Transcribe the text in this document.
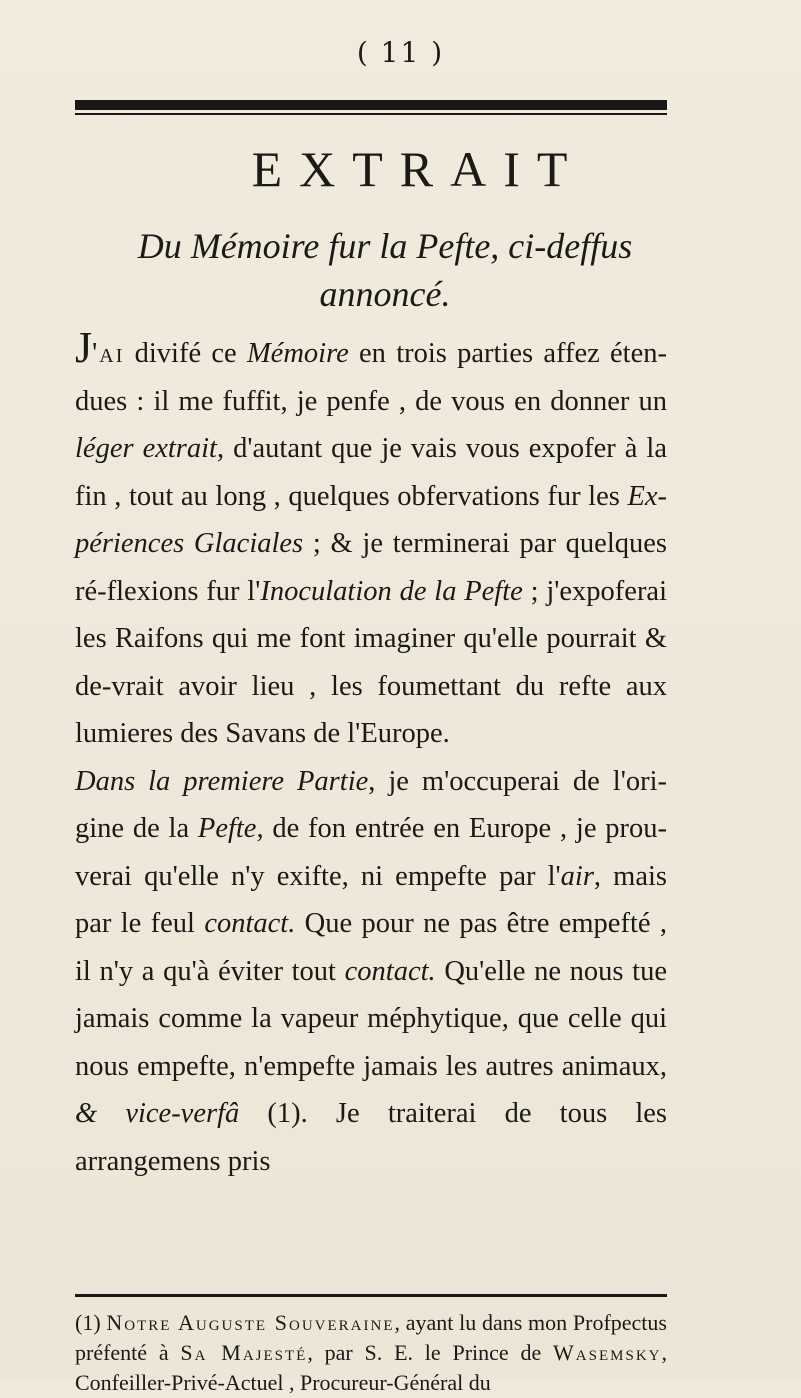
( 11 )
EXTRAIT
Du Mémoire fur la Pefte, ci-deffus
annoncé.

J'ai divifé ce Mémoire en trois parties affez éten-dues : il me fuffit, je penfe , de vous en donner un léger extrait, d'autant que je vais vous expofer à la fin , tout au long , quelques obfervations fur les Ex-périences Glaciales ; & je terminerai par quelques ré-flexions fur l'Inoculation de la Pefte ; j'expoferai les Raifons qui me font imaginer qu'elle pourrait & de-vrait avoir lieu , les foumettant du refte aux lumieres des Savans de l'Europe.

Dans la premiere Partie, je m'occuperai de l'ori-gine de la Pefte, de fon entrée en Europe , je prou-verai qu'elle n'y exifte, ni empefte par l'air, mais par le feul contact. Que pour ne pas être empefté , il n'y a qu'à éviter tout contact. Qu'elle ne nous tue jamais comme la vapeur méphytique, que celle qui nous empefte, n'empefte jamais les autres animaux, & vice-verfâ (1). Je traiterai de tous les arrangemens pris

(1) Notre Auguste Souveraine, ayant lu dans mon Profpectus préfenté à Sa Majesté, par S. E. le Prince de Wasemsky, Confeiller-Privé-Actuel , Procureur-Général du
